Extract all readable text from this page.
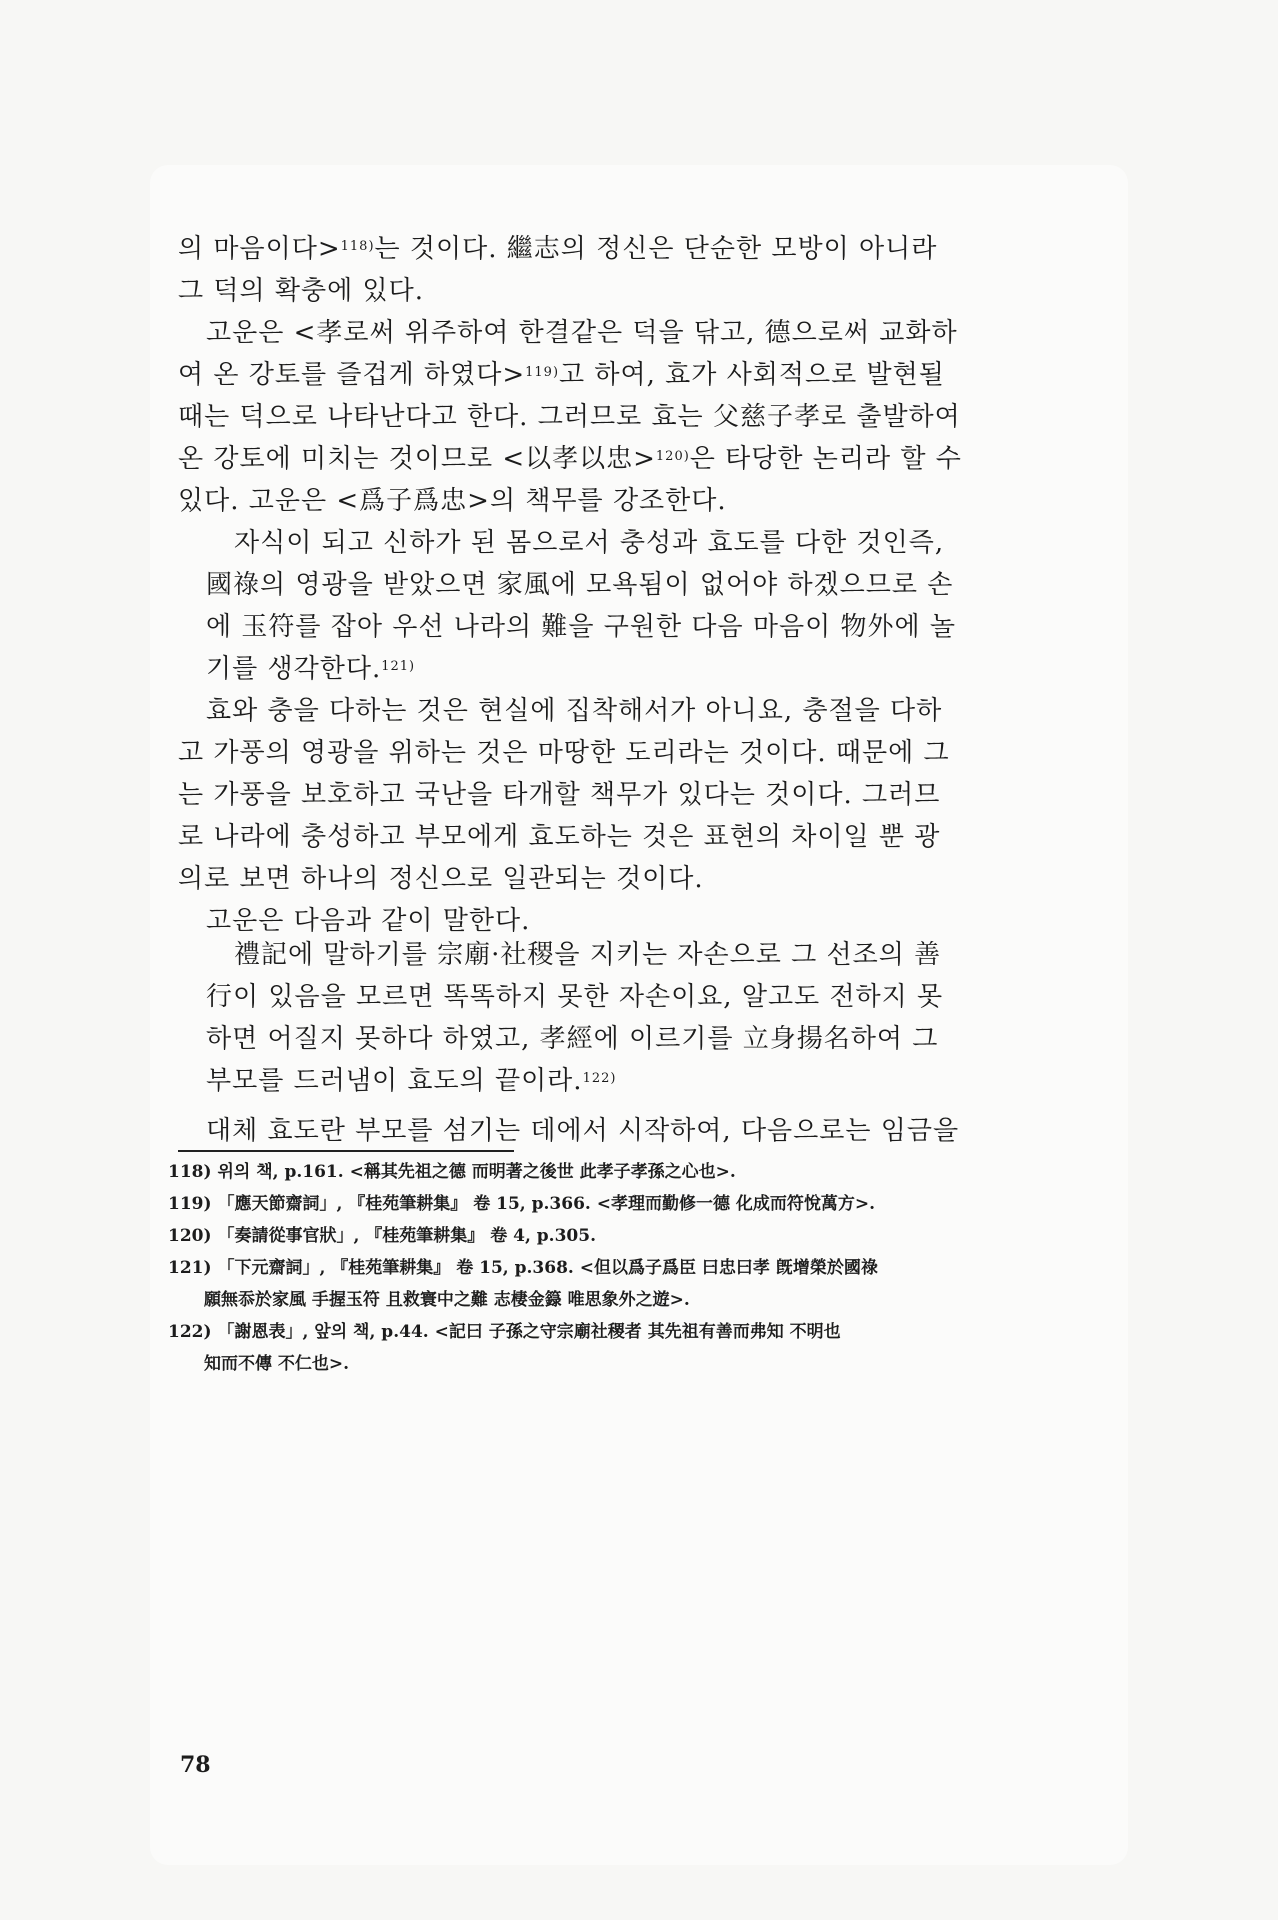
의 마음이다>$^{118)}$는 것이다. 繼志의 정신은 단순한 모방이 아니라

그 덕의 확충에 있다.

고운은 <孝로써 위주하여 한결같은 덕을 닦고, 德으로써 교화하

여 온 강토를 즐겁게 하였다>$^{119)}$고 하여, 효가 사회적으로 발현될

때는 덕으로 나타난다고 한다. 그러므로 효는 父慈子孝로 출발하여

온 강토에 미치는 것이므로 <以孝以忠>$^{120)}$은 타당한 논리라 할 수

있다. 고운은 <爲子爲忠>의 책무를 강조한다.

자식이 되고 신하가 된 몸으로서 충성과 효도를 다한 것인즉,

國祿의 영광을 받았으면 家風에 모욕됨이 없어야 하겠으므로 손

에 玉符를 잡아 우선 나라의 難을 구원한 다음 마음이 物外에 놀

기를 생각한다.$^{121)}$

효와 충을 다하는 것은 현실에 집착해서가 아니요, 충절을 다하

고 가풍의 영광을 위하는 것은 마땅한 도리라는 것이다. 때문에 그

는 가풍을 보호하고 국난을 타개할 책무가 있다는 것이다. 그러므

로 나라에 충성하고 부모에게 효도하는 것은 표현의 차이일 뿐 광

의로 보면 하나의 정신으로 일관되는 것이다.

고운은 다음과 같이 말한다.

禮記에 말하기를 宗廟·社稷을 지키는 자손으로 그 선조의 善

行이 있음을 모르면 똑똑하지 못한 자손이요, 알고도 전하지 못

하면 어질지 못하다 하였고, 孝經에 이르기를 立身揚名하여 그

부모를 드러냄이 효도의 끝이라.$^{122)}$

대체 효도란 부모를 섬기는 데에서 시작하여, 다음으로는 임금을

118) 위의 책, p.161. <稱其先祖之德 而明著之後世 此孝子孝孫之心也>.

119) 「應天節齋詞」, 『桂苑筆耕集』 卷 15, p.366. <孝理而勤修一德 化成而符悅萬方>.

120) 「奏請從事官狀」, 『桂苑筆耕集』 卷 4, p.305.

121) 「下元齋詞」, 『桂苑筆耕集』 卷 15, p.368. <但以爲子爲臣 曰忠曰孝 旣增榮於國祿

願無忝於家風 手握玉符 且救寰中之難 志棲金籙 唯思象外之遊>.

122) 「謝恩表」, 앞의 책, p.44. <記曰 子孫之守宗廟社稷者 其先祖有善而弗知 不明也

知而不傳 不仁也>.

78
